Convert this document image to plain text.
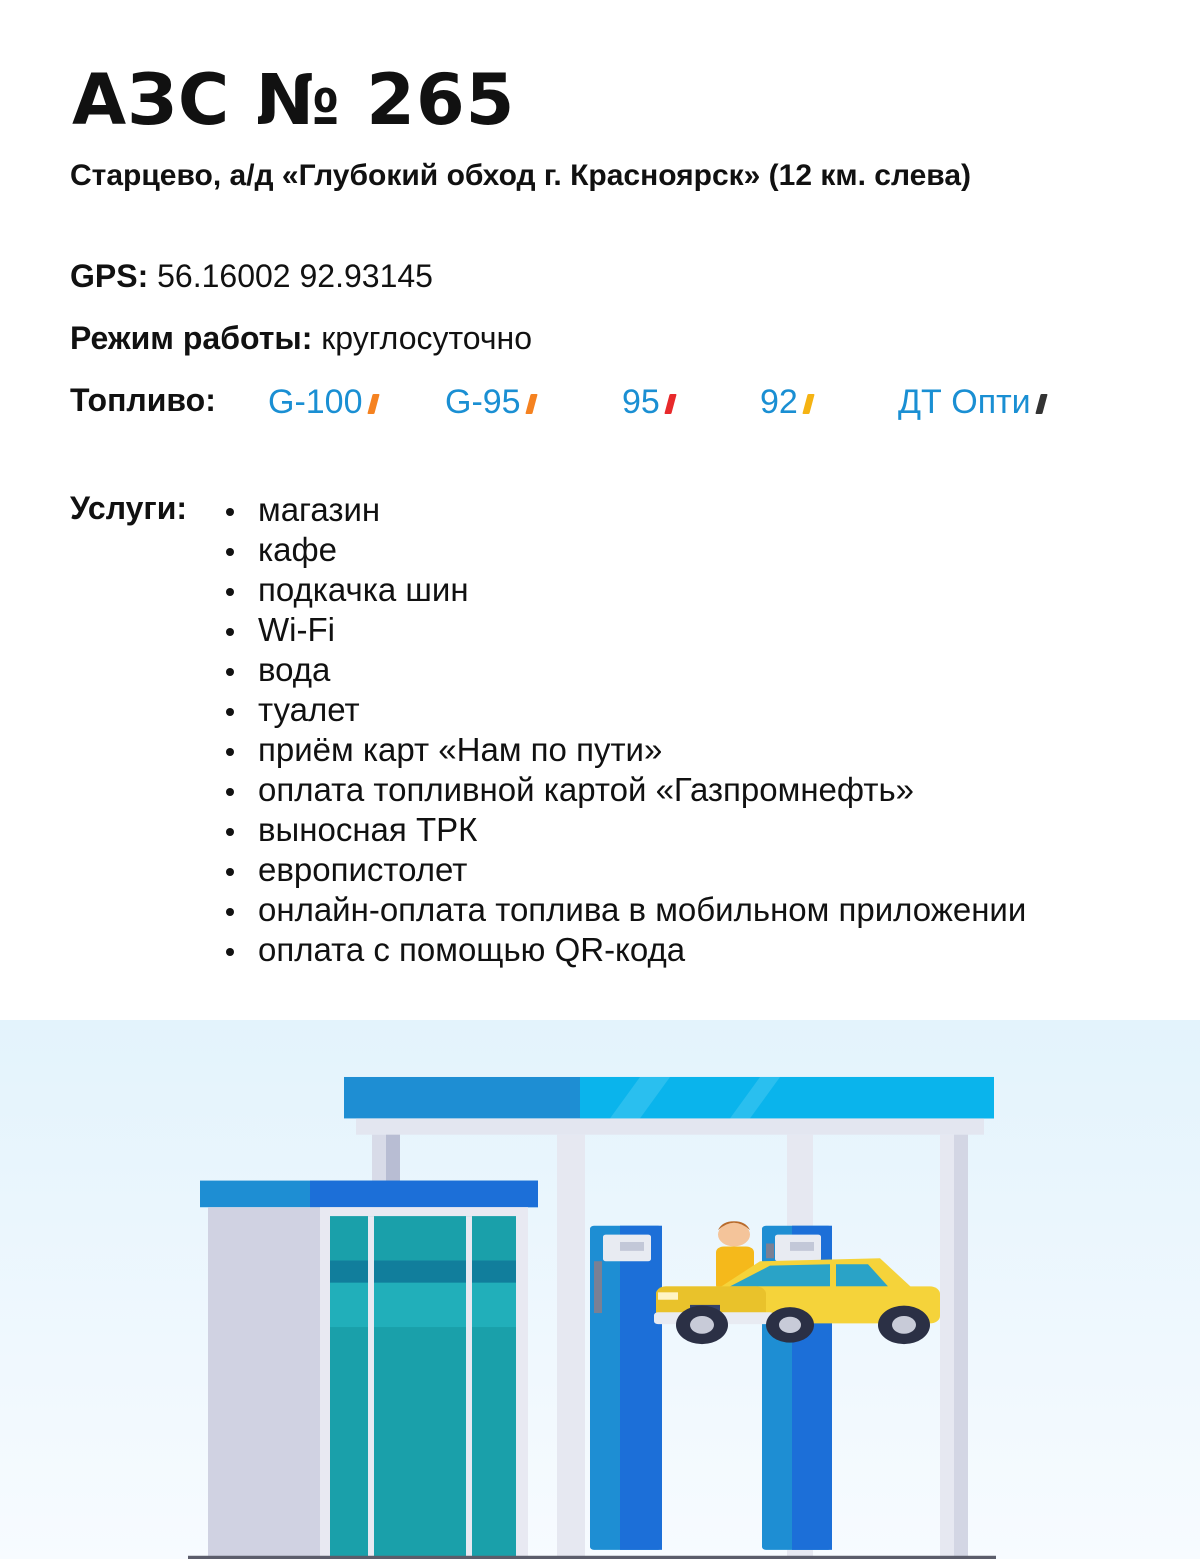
АЗС № 265
Старцево, а/д «Глубокий обход г. Красноярск» (12 км. слева)
GPS: 56.16002 92.93145
Режим работы: круглосуточно
Топливо: G-100	G-95	95	92	ДТ Опти
Услуги:	магазин
кафе
подкачка шин
Wi-Fi
вода
туалет
приём карт «Нам по пути»
оплата топливной картой «Газпромнефть»
выносная ТРК
европистолет
онлайн-оплата топлива в мобильном приложении
оплата с помощью QR-кода
